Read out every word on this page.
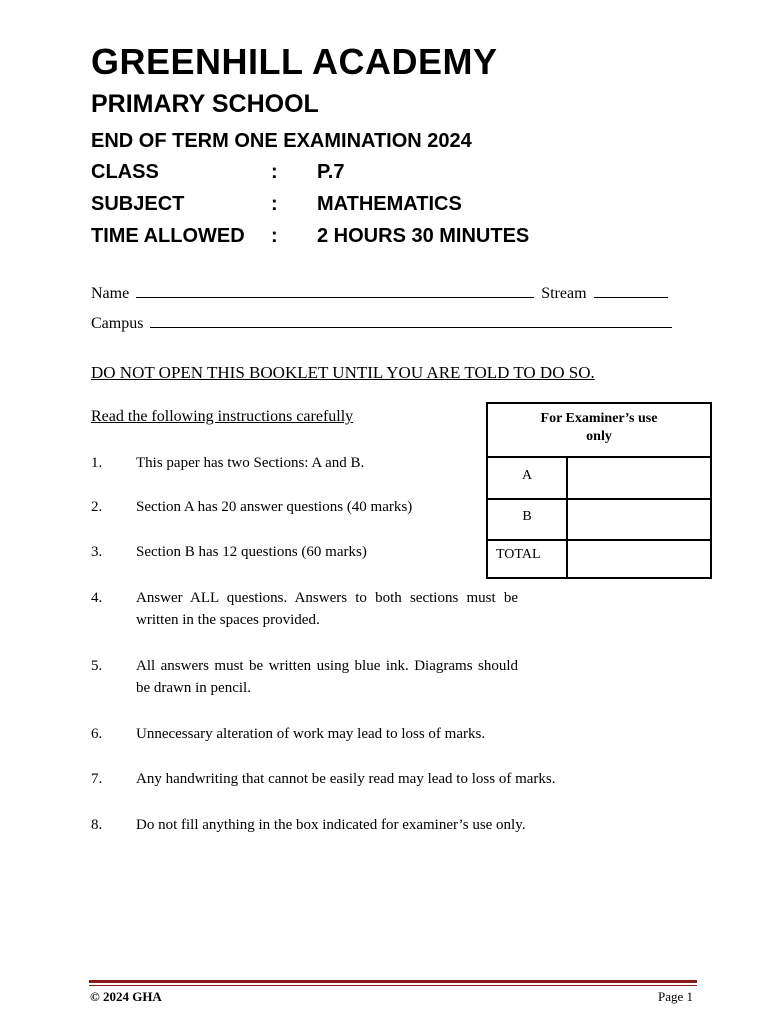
GREENHILL ACADEMY
PRIMARY SCHOOL
END OF TERM ONE EXAMINATION 2024
CLASS	: P.7
SUBJECT	: MATHEMATICS
TIME ALLOWED : 2 HOURS 30 MINUTES
Name	Stream
Campus
DO NOT OPEN THIS BOOKLET UNTIL YOU ARE TOLD TO DO SO.
Read the following instructions carefully
1. This paper has two Sections: A and B.
2. Section A has 20 answer questions (40 marks)
3. Section B has 12 questions (60 marks)
4. Answer ALL questions. Answers to both sections must be written in the spaces provided.
5. All answers must be written using blue ink. Diagrams should be drawn in pencil.
6. Unnecessary alteration of work may lead to loss of marks.
7. Any handwriting that cannot be easily read may lead to loss of marks.
8. Do not fill anything in the box indicated for examiner’s use only.
For Examiner’s use only
A
B
TOTAL
© 2024 GHA	Page 1
